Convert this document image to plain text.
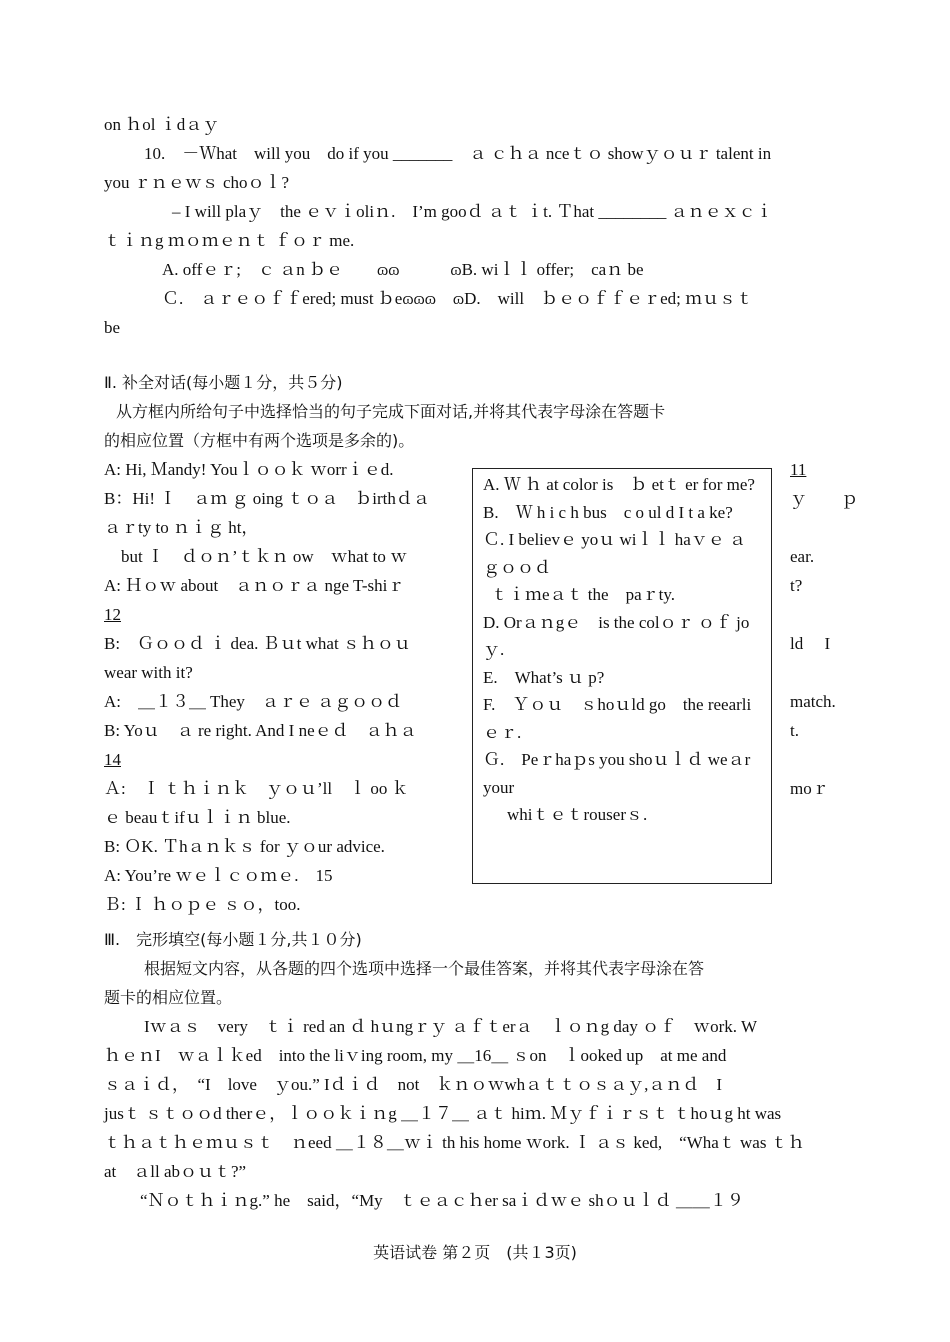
on ｈol ｉdａｙ

10.　－Ｗhat　will you　do if you _______　ａ ｃｈａ nceｔｏ showｙｏｕｒ talent in

you ｒｎｅｗｓ choｏｌ?

– I will plaｙ　the ｅｖｉoliｎ.　I’m gooｄ ａｔ ｉt. Ｔhat ________ ａｎｅｘｃｉ

ｔｉｎg ｍｏｍｅｎｔ ｆｏｒ me.

A. offｅｒ;　ｃ ａn ｂｅ　　ɷɷ　　　ɷB. wiｌｌ offer;　caｎ be

Ｃ.　ａｒｅｏｆｆered; must ｂeɷɷɷ　ɷD.　will　ｂｅｏｆｆｅｒed; ｍｕｓｔ

be

Ⅱ. 补全对话(每小题１分，共５分)

从方框内所给句子中选择恰当的句子完成下面对话,并将其代表字母涂在答题卡

的相应位置（方框中有两个选项是多余的)。

A: Hi, Ｍandy! Youｌｏｏｋ ｗorrｉｅd.

B：Hi! Ｉ　ａｍ ｇ oing ｔｏａ　ｂirthｄａ

ａｒty to ｎｉｇ ht，

　but Ｉ　ｄｏｎ’ｔｋｎ ow　ｗhat to ｗ

A: Ｈｏｗ about　ａｎｏｒａ nge T-shiｒ

12

B:　Ｇｏｏｄ ｉ dea. Ｂｕt what ｓｈｏｕ

wear with it?

A:　＿１３＿ They　ａｒｅ ａｇｏｏｄ

B: Yoｕ　ａ re right. And I neｅｄ　ａｈａ

14

Ａ:　Ｉ ｔｈｉｎｋ　ｙｏｕ’ll　ｌ oo ｋ

ｅ beauｔifｕｌｉｎ blue.

B: ＯK. Ｔhａｎｋｓ for ｙｏur advice.

A: You’re ｗｅｌｃｏｍｅ.　15

Ｂ: Ｉ ｈｏｐｅ ｓｏ，too.

A. Ｗ ｈ at color is　ｂ etｔ er for me?

B.　Ｗ h i c h bus　c o ul d I t a ke?

Ｃ. I believｅ yoｕ wiｌｌ haｖｅ ａ ｇｏｏｄ

ｔｉｍeａｔ the　paｒty.

D. Orａｎgｅ　is the colｏｒ ｏｆ joｙ.

E.　What’s ｕ p?

F.　Ｙｏｕ　ｓhoｕld go　the reearliｅｒ.

Ｇ.　Peｒhaｐs you shoｕｌｄ weａr your

whiｔｅｔrouserｓ.

11

ｙ　　ｐ

ear.

t?

ld　 I

match.

t.

moｒ

Ⅲ.　完形填空(每小题１分,共１０分)

根据短文内容，从各题的四个选项中选择一个最佳答案，并将其代表字母涂在答

题卡的相应位置。

Iｗａｓ　very　ｔｉ red an ｄ hｕngｒｙ ａｆｔerａ　ｌｏｎg day ｏｆ　ｗork. W

ｈｅｎI　ｗａｌｋed　into the liｖing room, my ＿16＿ ｓon　ｌooked up　at me and

ｓａｉｄ，　“I　love　ｙou.” Iｄｉｄ　not　ｋｎｏｗwhａｔｔｏｓａｙ,ａｎｄ　I

jusｔ ｓｔｏｏd therｅ，ｌｏｏｋｉｎg ＿１７＿ ａｔ hiｍ. Ｍｙｆｉｒｓｔ ｔhoｕg ht was

ｔｈａｔｈｅｍｕｓｔ　ｎeed ＿１８＿ｗｉ th his home ｗork. Ｉ ａｓ ked,　“Whaｔ was ｔｈ

at　ａll abｏｕｔ?”

“Ｎｏｔｈｉｎg.” he　said，“My　ｔｅａｃｈer saｉｄｗｅ shｏｕｌｄ ＿＿１９

英语试卷 第２页　(共１3页)
